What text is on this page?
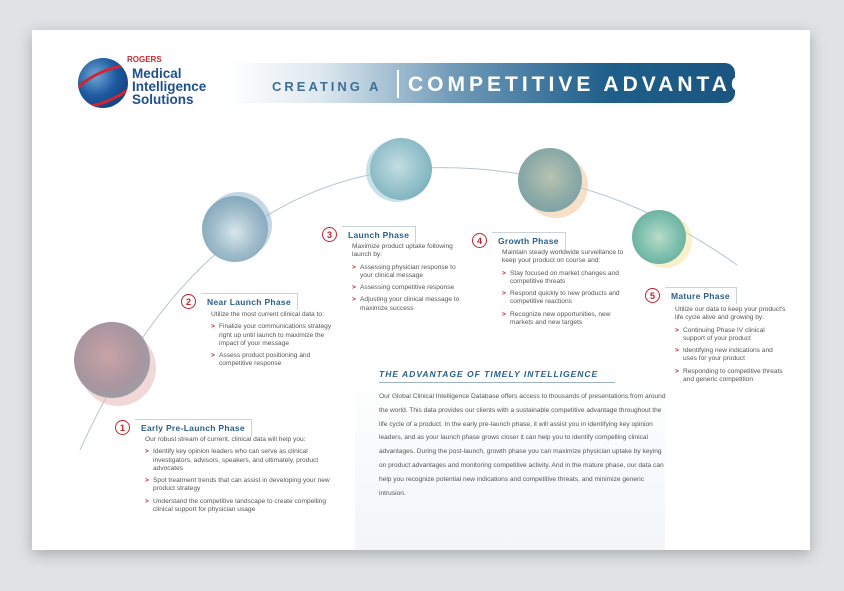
ROGERS
Medical
Intelligence
Solutions
CREATING A COMPETITIVE ADVANTAGE
1	Early Pre-Launch Phase

Our robust stream of current, clinical data will help you:

> Identify key opinion leaders who can serve as clinical investigators, advisors, speakers, and ultimately, product advocates
> Spot treatment trends that can assist in developing your new product strategy
> Understand the competitive landscape to create compelling clinical support for physician usage
2	Near Launch Phase

Utilize the most current clinical data to:

> Finalize your communications strategy right up until launch to maximize the impact of your message
> Assess product positioning and competitive response
3	Launch Phase

Maximize product uptake following launch by:

> Assessing physician response to your clinical message
> Assessing competitive response
> Adjusting your clinical message to maximize success
4	Growth Phase

Maintain steady worldwide surveillance to keep your product on course and:

> Stay focused on market changes and competitive threats
> Respond quickly to new products and competitive reactions
> Recognize new opportunities, new markets and new targets
5	Mature Phase

Utilize our data to keep your product's life cycle alive and growing by:

> Continuing Phase IV clinical support of your product
> Identifying new indications and uses for your product
> Responding to competitive threats and generic competition
THE ADVANTAGE OF TIMELY INTELLIGENCE
Our Global Clinical Intelligence Database offers access to thousands of presentations from around the world. This data provides our clients with a sustainable competitive advantage throughout the life cycle of a product. In the early pre-launch phase, it will assist you in identifying key opinion leaders, and as your launch phase grows closer it can help you to identify compelling clinical advantages. During the post-launch, growth phase you can maximize physician uptake by keying on product advantages and monitoring competitive activity. And in the mature phase, our data can help you recognize potential new indications and competitive threats, and minimize generic intrusion.
